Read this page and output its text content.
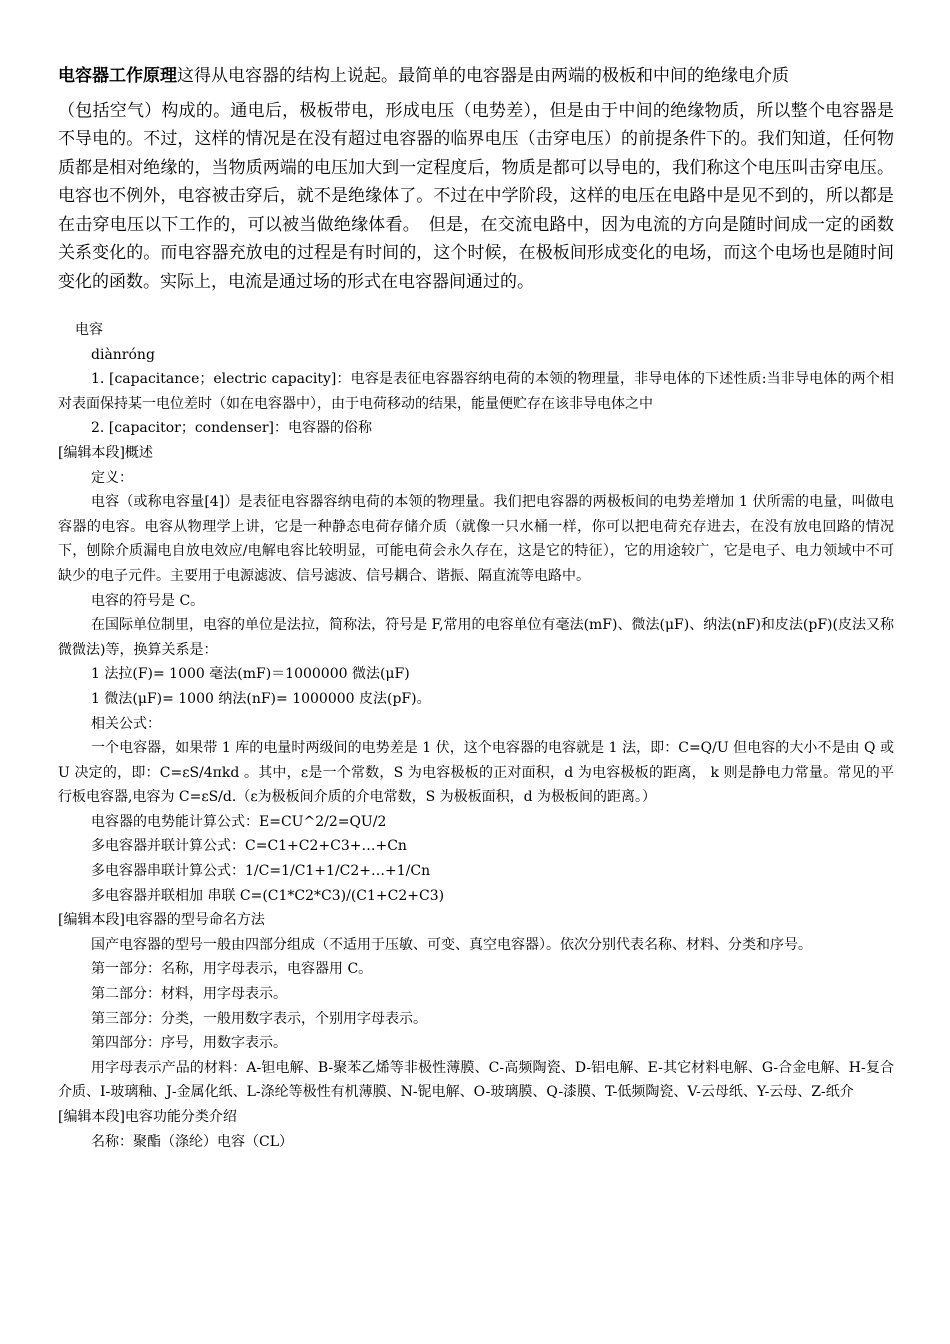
电容器工作原理这得从电容器的结构上说起。最简单的电容器是由两端的极板和中间的绝缘电介质

（包括空气）构成的。通电后，极板带电，形成电压（电势差），但是由于中间的绝缘物质，所以整个电容器是不导电的。不过，这样的情况是在没有超过电容器的临界电压（击穿电压）的前提条件下的。我们知道，任何物质都是相对绝缘的，当物质两端的电压加大到一定程度后，物质是都可以导电的，我们称这个电压叫击穿电压。电容也不例外，电容被击穿后，就不是绝缘体了。不过在中学阶段，这样的电压在电路中是见不到的，所以都是在击穿电压以下工作的，可以被当做绝缘体看。　但是，在交流电路中，因为电流的方向是随时间成一定的函数关系变化的。而电容器充放电的过程是有时间的，这个时候，在极板间形成变化的电场，而这个电场也是随时间变化的函数。实际上，电流是通过场的形式在电容器间通过的。

电容

diànróng

1. [capacitance；electric capacity]：电容是表征电容器容纳电荷的本领的物理量，非导电体的下述性质:当非导电体的两个相对表面保持某一电位差时（如在电容器中），由于电荷移动的结果，能量便贮存在该非导电体之中

2. [capacitor；condenser]：电容器的俗称

[编辑本段]概述

定义：

电容（或称电容量[4]）是表征电容器容纳电荷的本领的物理量。我们把电容器的两极板间的电势差增加 1 伏所需的电量，叫做电容器的电容。电容从物理学上讲，它是一种静态电荷存储介质（就像一只水桶一样，你可以把电荷充存进去，在没有放电回路的情况下，刨除介质漏电自放电效应/电解电容比较明显，可能电荷会永久存在，这是它的特征），它的用途较广，它是电子、电力领域中不可缺少的电子元件。主要用于电源滤波、信号滤波、信号耦合、谐振、隔直流等电路中。

电容的符号是 C。

在国际单位制里，电容的单位是法拉，简称法，符号是 F,常用的电容单位有毫法(mF)、微法(μF)、纳法(nF)和皮法(pF)(皮法又称微微法)等，换算关系是：

1 法拉(F)= 1000 毫法(mF)＝1000000 微法(μF)

1 微法(μF)= 1000 纳法(nF)= 1000000 皮法(pF)。

相关公式：

一个电容器，如果带 1 库的电量时两级间的电势差是 1 伏，这个电容器的电容就是 1 法，即：C=Q/U 但电容的大小不是由 Q 或 U 决定的，即：C=εS/4πkd 。其中，ε是一个常数，S 为电容极板的正对面积，d 为电容极板的距离， k 则是静电力常量。常见的平行板电容器,电容为 C=εS/d.（ε为极板间介质的介电常数，S 为极板面积，d 为极板间的距离。）

电容器的电势能计算公式：E=CU^2/2=QU/2

多电容器并联计算公式：C=C1+C2+C3+…+Cn

多电容器串联计算公式：1/C=1/C1+1/C2+…+1/Cn

多电容器并联相加 串联 C=(C1*C2*C3)/(C1+C2+C3)

[编辑本段]电容器的型号命名方法

国产电容器的型号一般由四部分组成（不适用于压敏、可变、真空电容器）。依次分别代表名称、材料、分类和序号。

第一部分：名称，用字母表示，电容器用 C。

第二部分：材料，用字母表示。

第三部分：分类，一般用数字表示，个别用字母表示。

第四部分：序号，用数字表示。

用字母表示产品的材料：A-钽电解、B-聚苯乙烯等非极性薄膜、C-高频陶瓷、D-铝电解、E-其它材料电解、G-合金电解、H-复合介质、I-玻璃釉、J-金属化纸、L-涤纶等极性有机薄膜、N-铌电解、O-玻璃膜、Q-漆膜、T-低频陶瓷、V-云母纸、Y-云母、Z-纸介

[编辑本段]电容功能分类介绍

名称：聚酯（涤纶）电容（CL）
